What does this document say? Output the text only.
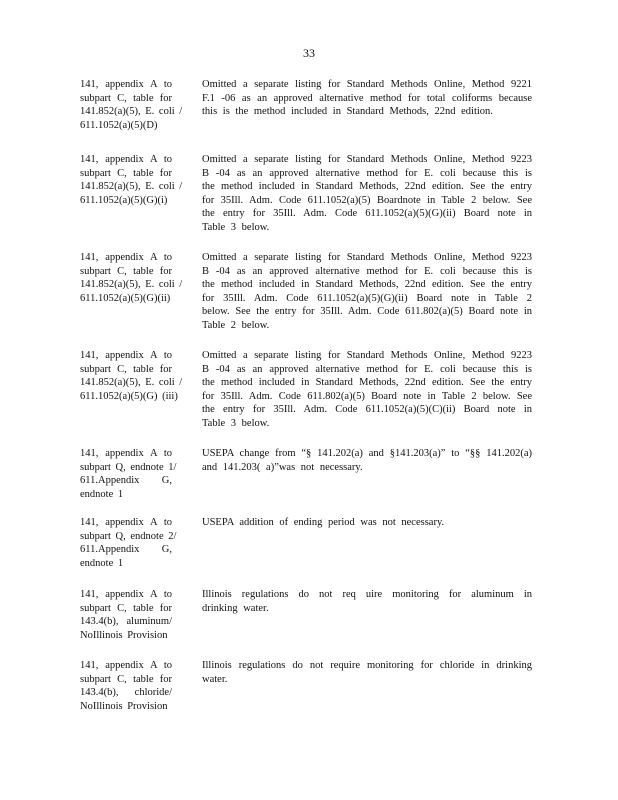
33
141, appendix A to
subpart C, table for
141.852(a)(5), E. coli /
611.1052(a)(5)(D)
Omitted a separate listing for Standard Methods Online, Method 9221 F.1 -06 as an approved alternative method for total coliforms because this is the method included in Standard Methods, 22nd edition.
141, appendix A to
subpart C, table for
141.852(a)(5), E. coli /
611.1052(a)(5)(G)(i)
Omitted a separate listing for Standard Methods Online, Method 9223 B -04 as an approved alternative method for E. coli because this is the method included in Standard Methods, 22nd edition. See the entry for 35Ill. Adm. Code 611.1052(a)(5) Boardnote in Table 2 below. See the entry for 35Ill. Adm. Code 611.1052(a)(5)(G)(ii) Board note in Table 3 below.
141, appendix A to
subpart C, table for
141.852(a)(5), E. coli /
611.1052(a)(5)(G)(ii)
Omitted a separate listing for Standard Methods Online, Method 9223 B -04 as an approved alternative method for E. coli because this is the method included in Standard Methods, 22nd edition. See the entry for 35Ill. Adm. Code 611.1052(a)(5)(G)(ii) Board note in Table 2 below. See the entry for 35Ill. Adm. Code 611.802(a)(5) Board note in Table 2 below.
141, appendix A to
subpart C, table for
141.852(a)(5), E. coli /
611.1052(a)(5)(G) (iii)
Omitted a separate listing for Standard Methods Online, Method 9223 B -04 as an approved alternative method for E. coli because this is the method included in Standard Methods, 22nd edition. See the entry for 35Ill. Adm. Code 611.802(a)(5) Board note in Table 2 below. See the entry for 35Ill. Adm. Code 611.1052(a)(5)(C)(ii) Board note in Table 3 below.
141, appendix A to
subpart Q, endnote 1/
611.Appendix G,
endnote 1
USEPA change from “§ 141.202(a) and §141.203(a)” to “§§ 141.202(a) and 141.203( a)”was not necessary.
141, appendix A to
subpart Q, endnote 2/
611.Appendix G,
endnote 1
USEPA addition of ending period was not necessary.
141, appendix A to
subpart C, table for
143.4(b), aluminum/
NoIllinois Provision
Illinois regulations do not req uire monitoring for aluminum in drinking water.
141, appendix A to
subpart C, table for
143.4(b), chloride/
NoIllinois Provision
Illinois regulations do not require monitoring for chloride in drinking water.
